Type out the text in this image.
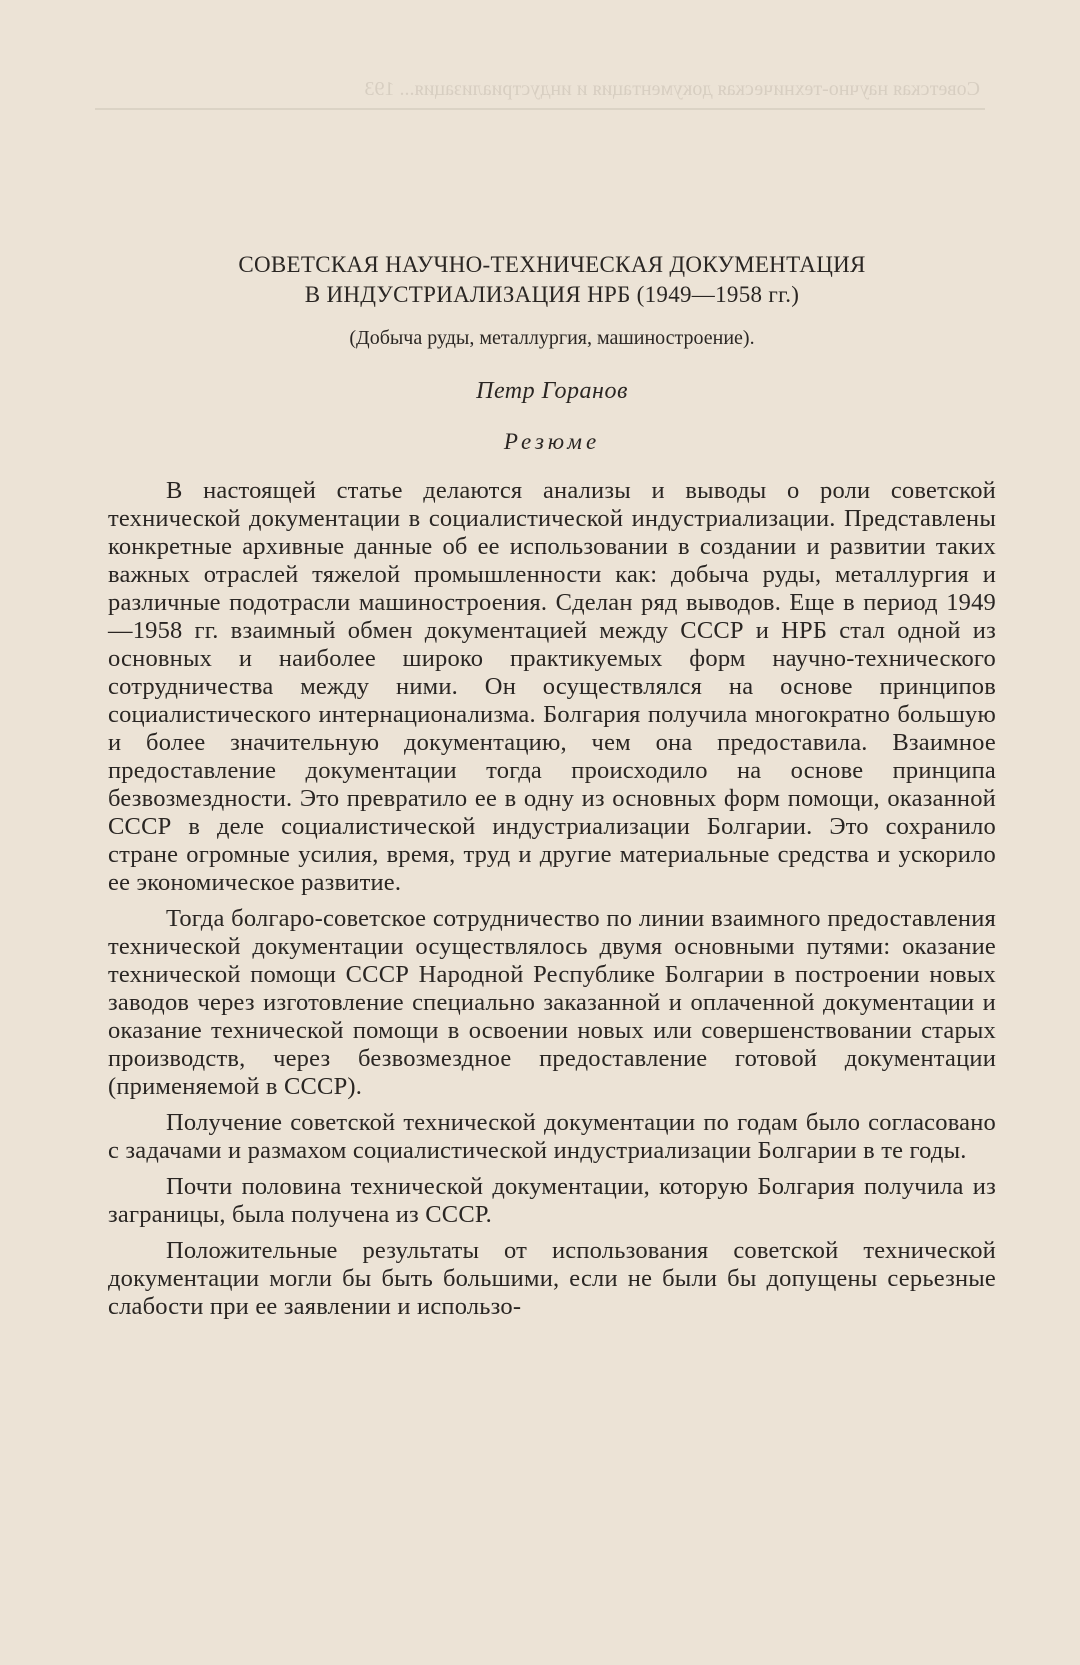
Советская научно-техническая документация и индустриализация... 193
СОВЕТСКАЯ НАУЧНО-ТЕХНИЧЕСКАЯ ДОКУМЕНТАЦИЯ
В ИНДУСТРИАЛИЗАЦИЯ НРБ (1949—1958 гг.)
(Добыча руды, металлургия, машиностроение).
Петр Горанов
Резюме

В настоящей статье делаются анализы и выводы о роли советской технической документации в социалистической индустриализации. Представлены конкретные архивные данные об ее использовании в создании и развитии таких важных отраслей тяжелой промышленности как: добыча руды, металлургия и различные подотрасли машиностроения. Сделан ряд выводов. Еще в период 1949—1958 гг. взаимный обмен документацией между СССР и НРБ стал одной из основных и наиболее широко практикуемых форм научно-технического сотрудничества между ними. Он осуществлялся на основе принципов социалистического интернационализма. Болгария получила многократно большую и более значительную документацию, чем она предоставила. Взаимное предоставление документации тогда происходило на основе принципа безвозмездности. Это превратило ее в одну из основных форм помощи, оказанной СССР в деле социалистической индустриализации Болгарии. Это сохранило стране огромные усилия, время, труд и другие материальные средства и ускорило ее экономическое развитие.

Тогда болгаро-советское сотрудничество по линии взаимного предоставления технической документации осуществлялось двумя основными путями: оказание технической помощи СССР Народной Республике Болгарии в построении новых заводов через изготовление специально заказанной и оплаченной документации и оказание технической помощи в освоении новых или совершенствовании старых производств, через безвозмездное предоставление готовой документации (применяемой в СССР).

Получение советской технической документации по годам было согласовано с задачами и размахом социалистической индустриализации Болгарии в те годы.

Почти половина технической документации, которую Болгария получила из заграницы, была получена из СССР.

Положительные результаты от использования советской технической документации могли бы быть большими, если не были бы допущены серьезные слабости при ее заявлении и использо-
